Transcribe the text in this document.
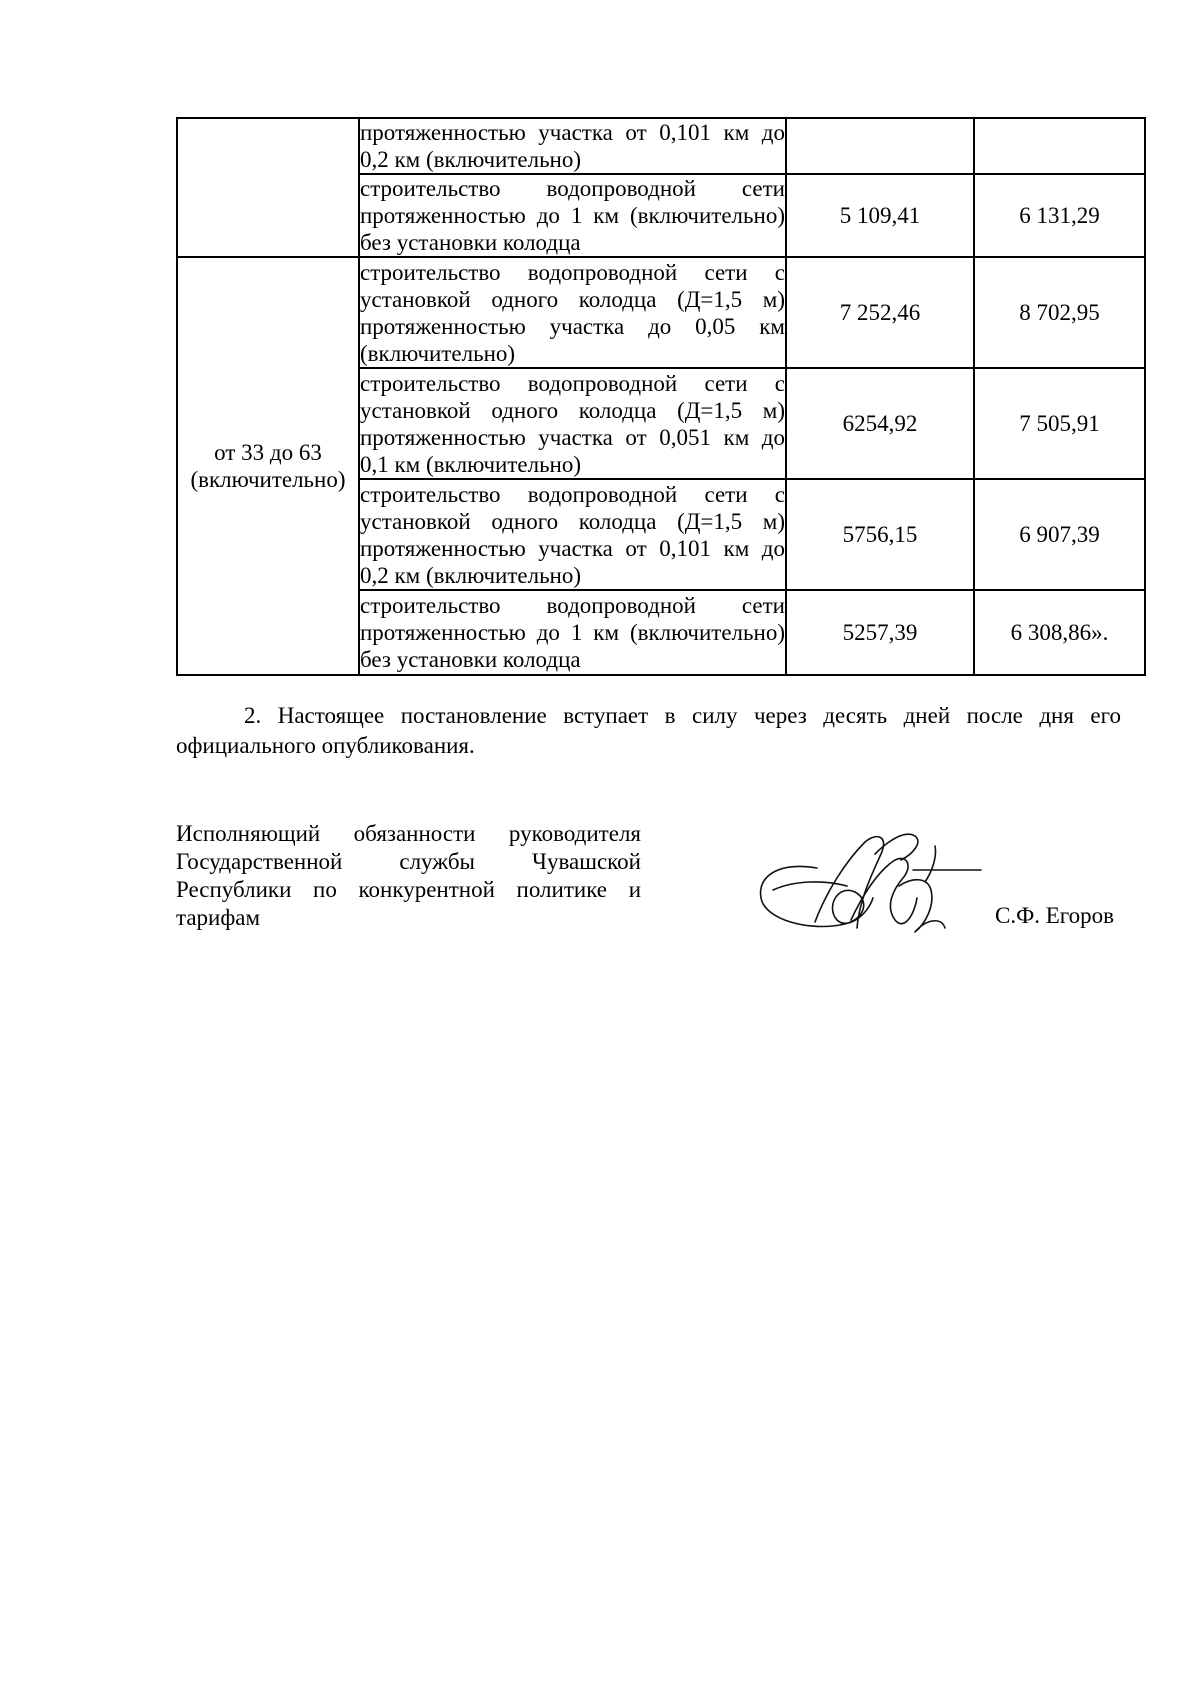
	протяженностью участка от 0,101 км до 0,2 км (включительно)		
	строительство водопроводной сети протяженностью до 1 км (включительно) без установки колодца	5 109,41	6 131,29
от 33 до 63 (включительно)	строительство водопроводной сети с установкой одного колодца (Д=1,5 м) протяженностью участка до 0,05 км (включительно)	7 252,46	8 702,95
	строительство водопроводной сети с установкой одного колодца (Д=1,5 м) протяженностью участка от 0,051 км до 0,1 км (включительно)	6254,92	7 505,91
	строительство водопроводной сети с установкой одного колодца (Д=1,5 м) протяженностью участка от 0,101 км до 0,2 км (включительно)	5756,15	6 907,39
	строительство водопроводной сети протяженностью до 1 км (включительно) без установки колодца	5257,39	6 308,86».

2. Настоящее постановление вступает в силу через десять дней после дня его официального опубликования.

Исполняющий обязанности руководителя Государственной службы Чувашской Республики по конкурентной политике и тарифам	С.Ф. Егоров
